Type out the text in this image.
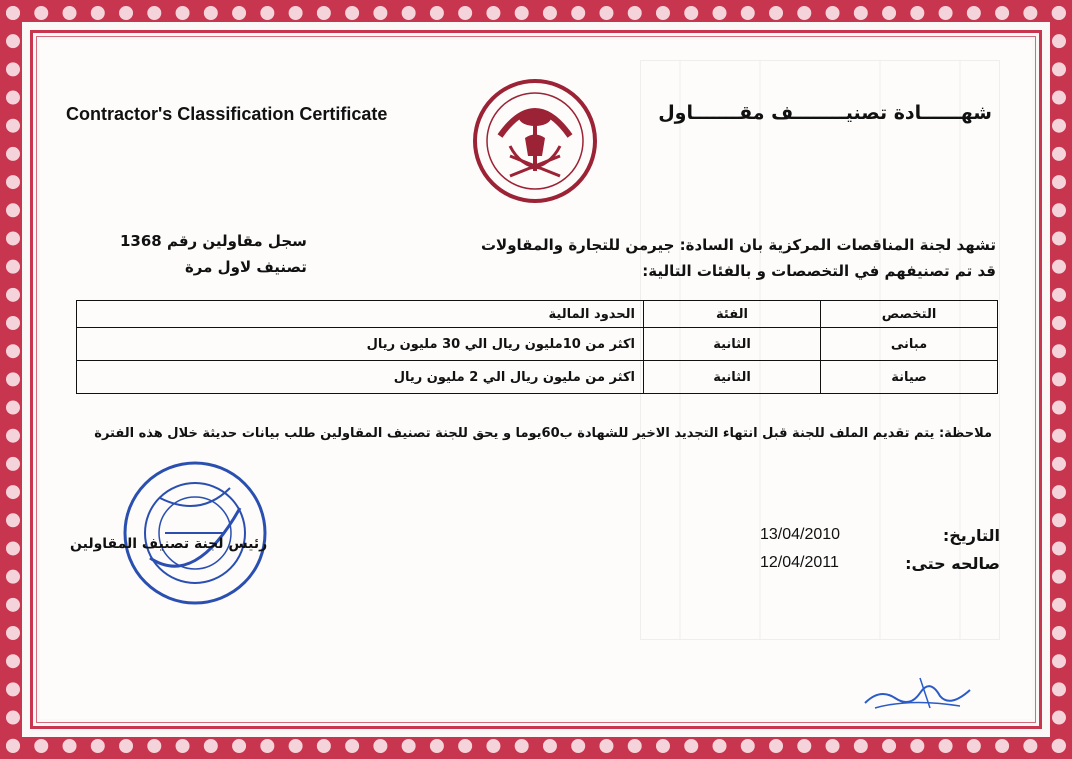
Contractor's Classification Certificate	شهــــــادة تصنيــــــــف مقـــــــاول
سجل مقاولين رقم 1368
تصنيف لاول مرة
تشهد لجنة المناقصات المركزية بان السادة: جيرمن للتجارة والمقاولات
قد تم تصنيفهم في التخصصات و بالفئات التالية:
التخصص	الفئة	الحدود المالية
مبانى	الثانية	اكثر من 10مليون ريال الي 30 مليون ريال
صيانة	الثانية	اكثر من مليون ريال الي 2 مليون ريال
ملاحظة: يتم تقديم الملف للجنة قبل انتهاء التجديد الاخير للشهادة ب60يوما و يحق للجنة تصنيف المقاولين طلب بيانات حديثة خلال هذه الفترة
رئيس لجنة تصنيف المقاولين	التاريخ:
13/04/2010
صالحه حتى:
12/04/2011
